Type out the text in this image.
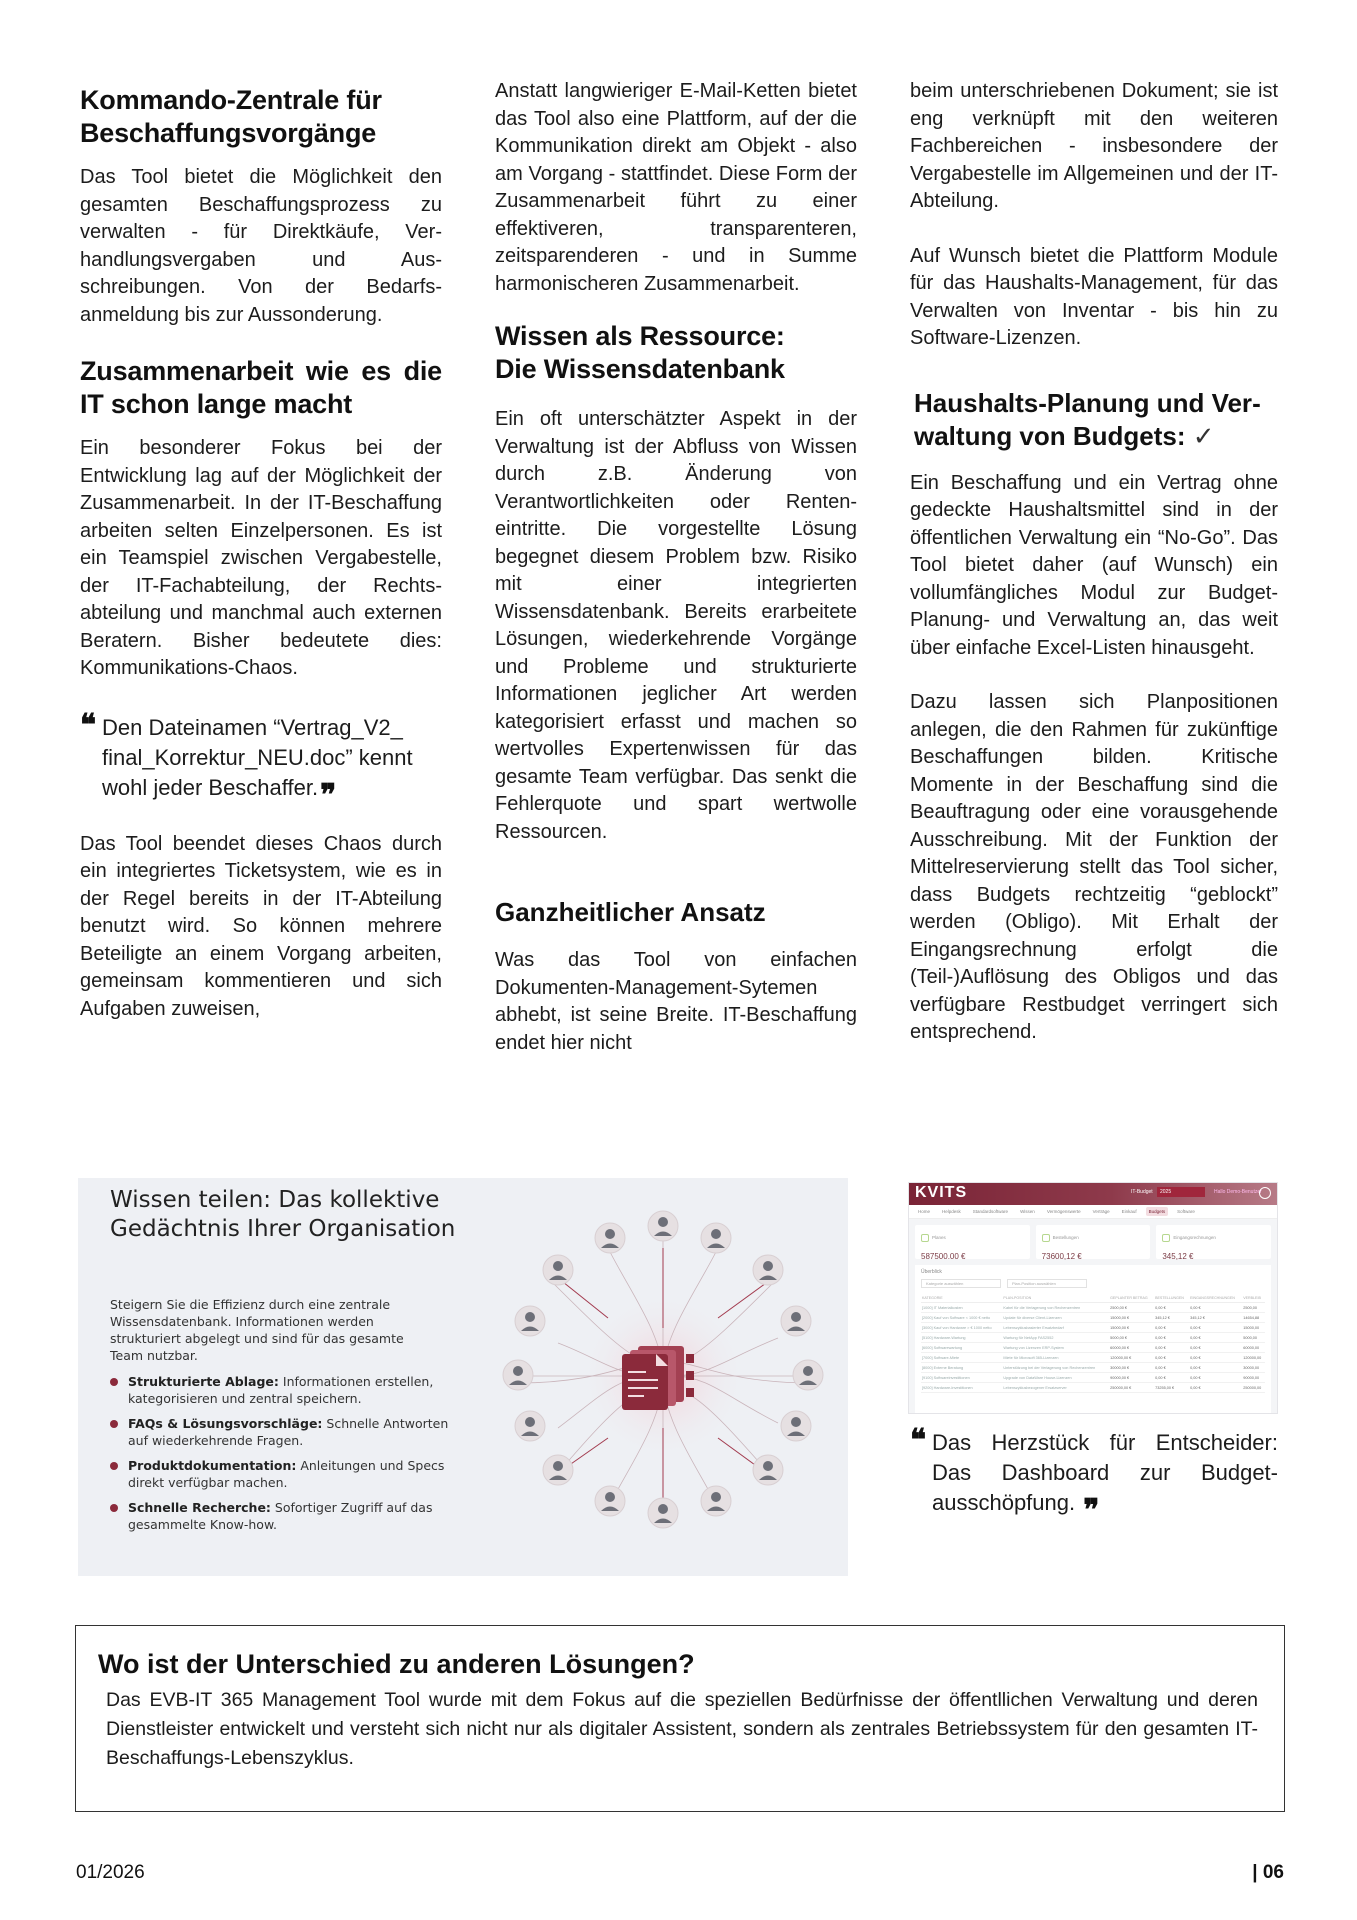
Kommando-Zentrale für Beschaffungsvorgänge

Das Tool bietet die Möglichkeit den gesamten Beschaffungsprozess zu verwalten - für Direktkäufe, Verhandlungsvergaben und Ausschreibungen. Von der Bedarfsanmeldung bis zur Aussonderung.

Zusammenarbeit wie es die IT schon lange macht

Ein besonderer Fokus bei der Entwicklung lag auf der Möglichkeit der Zusammenarbeit. In der IT-Beschaffung arbeiten selten Einzelpersonen. Es ist ein Teamspiel zwischen Vergabestelle, der IT-Fachabteilung, der Rechtsabteilung und manchmal auch externen Beratern. Bisher bedeutete dies: Kommunikations-Chaos.

❝ Den Dateinamen “Vertrag_V2_ final_Korrektur_NEU.doc” kennt wohl jeder Beschaffer.❞

Das Tool beendet dieses Chaos durch ein integriertes Ticketsystem, wie es in der Regel bereits in der IT-Abteilung benutzt wird. So können mehrere Beteiligte an einem Vorgang arbeiten, gemeinsam kommentieren und sich Aufgaben zuweisen,

Anstatt langwieriger E-Mail-Ketten bietet das Tool also eine Plattform, auf der die Kommunikation direkt am Objekt - also am Vorgang - stattfindet. Diese Form der Zusammenarbeit führt zu einer effektiveren, transparenteren, zeitsparenderen - und in Summe harmonischeren Zusammenarbeit.

Wissen als Ressource:
Die Wissensdatenbank

Ein oft unterschätzter Aspekt in der Verwaltung ist der Abfluss von Wissen durch z.B. Änderung von Verantwortlichkeiten oder Renteneintritte. Die vorgestellte Lösung begegnet diesem Problem bzw. Risiko mit einer integrierten Wissensdatenbank. Bereits erarbeitete Lösungen, wiederkehrende Vorgänge und Probleme und strukturierte Informationen jeglicher Art werden kategorisiert erfasst und machen so wertvolles Expertenwissen für das gesamte Team verfügbar. Das senkt die Fehlerquote und spart wertwolle Ressourcen.

Ganzheitlicher Ansatz

Was das Tool von einfachen Dokumenten-Management-Sytemen abhebt, ist seine Breite. IT-Beschaffung endet hier nicht

beim unterschriebenen Dokument; sie ist eng verknüpft mit den weiteren Fachbereichen - insbesondere der Vergabestelle im Allgemeinen und der IT-Abteilung.

Auf Wunsch bietet die Plattform Module für das Haushalts-Management, für das Verwalten von Inventar - bis hin zu Software-Lizenzen.

Haushalts-Planung und Verwaltung von Budgets: ✓

Ein Beschaffung und ein Vertrag ohne gedeckte Haushaltsmittel sind in der öffentlichen Verwaltung ein “No-Go”. Das Tool bietet daher (auf Wunsch) ein vollumfängliches Modul zur Budget-Planung- und Verwaltung an, das weit über einfache Excel-Listen hinausgeht.

Dazu lassen sich Planpositionen anlegen, die den Rahmen für zukünftige Beschaffungen bilden. Kritische Momente in der Beschaffung sind die Beauftragung oder eine vorausgehende Ausschreibung. Mit der Funktion der Mittelreservierung stellt das Tool sicher, dass Budgets rechtzeitig “geblockt” werden (Obligo). Mit Erhalt der Eingangsrechnung erfolgt die (Teil-)Auflösung des Obligos und das verfügbare Restbudget verringert sich entsprechend.

Wissen teilen: Das kollektive
Gedächtnis Ihrer Organisation
Steigern Sie die Effizienz durch eine zentrale Wissensdatenbank. Informationen werden strukturiert abgelegt und sind für das gesamte Team nutzbar.
Strukturierte Ablage: Informationen erstellen, kategorisieren und zentral speichern.
FAQs & Lösungsvorschläge: Schnelle Antworten auf wiederkehrende Fragen.
Produktdokumentation: Anleitungen und Specs direkt verfügbar machen.
Schnelle Recherche: Sofortiger Zugriff auf das gesammelte Know-how.
KVITS	IT-Budget	2025	Hallo Demo-Benutzer
Home	Helpdesk	Standardsoftware	Wissen	Vermögenswerte	Verträge	Einkauf	Budgets	Software
Planes
587500.00 €
Bestellungen
73600,12 €
Eingangsrechnungen
345,12 €
Überblick
Kategorie auswählen	Plan-Position auswählen
KATEGORIE	PLAN-POSITION	GEPLANTER BETRAG	BESTELLUNGEN	EINGANGSRECHNUNGEN	VERBLEIB
[1000] IT Materialkosten	Kabel für die Verlagerung von Rechenzentren	2500,00 €	0,00 €	0,00 €	2500,00
[2000] Kauf von Software < 1000 € netto	Update für diverse Client-Lizenzen	15000,00 €	345,12 €	345,12 €	14654,88
[3000] Kauf von Hardware > € 1000 netto	Lebenszyklusbasierter Ersatzbedarf	15000,00 €	0,00 €	0,00 €	15000,00
[5100] Hardware-Wartung	Wartung für NetApp FAS2552	5000,00 €	0,00 €	0,00 €	5000,00
[6000] Softwarewartung	Wartung von Lizenzen ERP-System	60000,00 €	0,00 €	0,00 €	60000,00
[7000] Software-Miete	Miete für Microsoft 365-Lizenzen	120000,00 €	0,00 €	0,00 €	120000,00
[8000] Externe Beratung	Unterstützung bei der Verlagerung von Rechenzentren	30000,00 €	0,00 €	0,00 €	30000,00
[9100] Softwareinvestitionen	Upgrade von DataWare House-Lizenzen	90000,00 €	0,00 €	0,00 €	90000,00
[9200] Hardware-Investitionen	Lebenszyklusbezogener Ersatzserver	250000,00 €	73255,00 €	0,00 €	250000,00
❝ Das Herzstück für Entscheider: Das Dashboard zur Budgetausschöpfung. ❞
Wo ist der Unterschied zu anderen Lösungen?

Das EVB-IT 365 Management Tool wurde mit dem Fokus auf die speziellen Bedürfnisse der öffentllichen Verwaltung und deren Dienstleister entwickelt und versteht sich nicht nur als digitaler Assistent, sondern als zentrales Betriebssystem für den gesamten IT-Beschaffungs-Lebenszyklus.

01/2026	| 06
